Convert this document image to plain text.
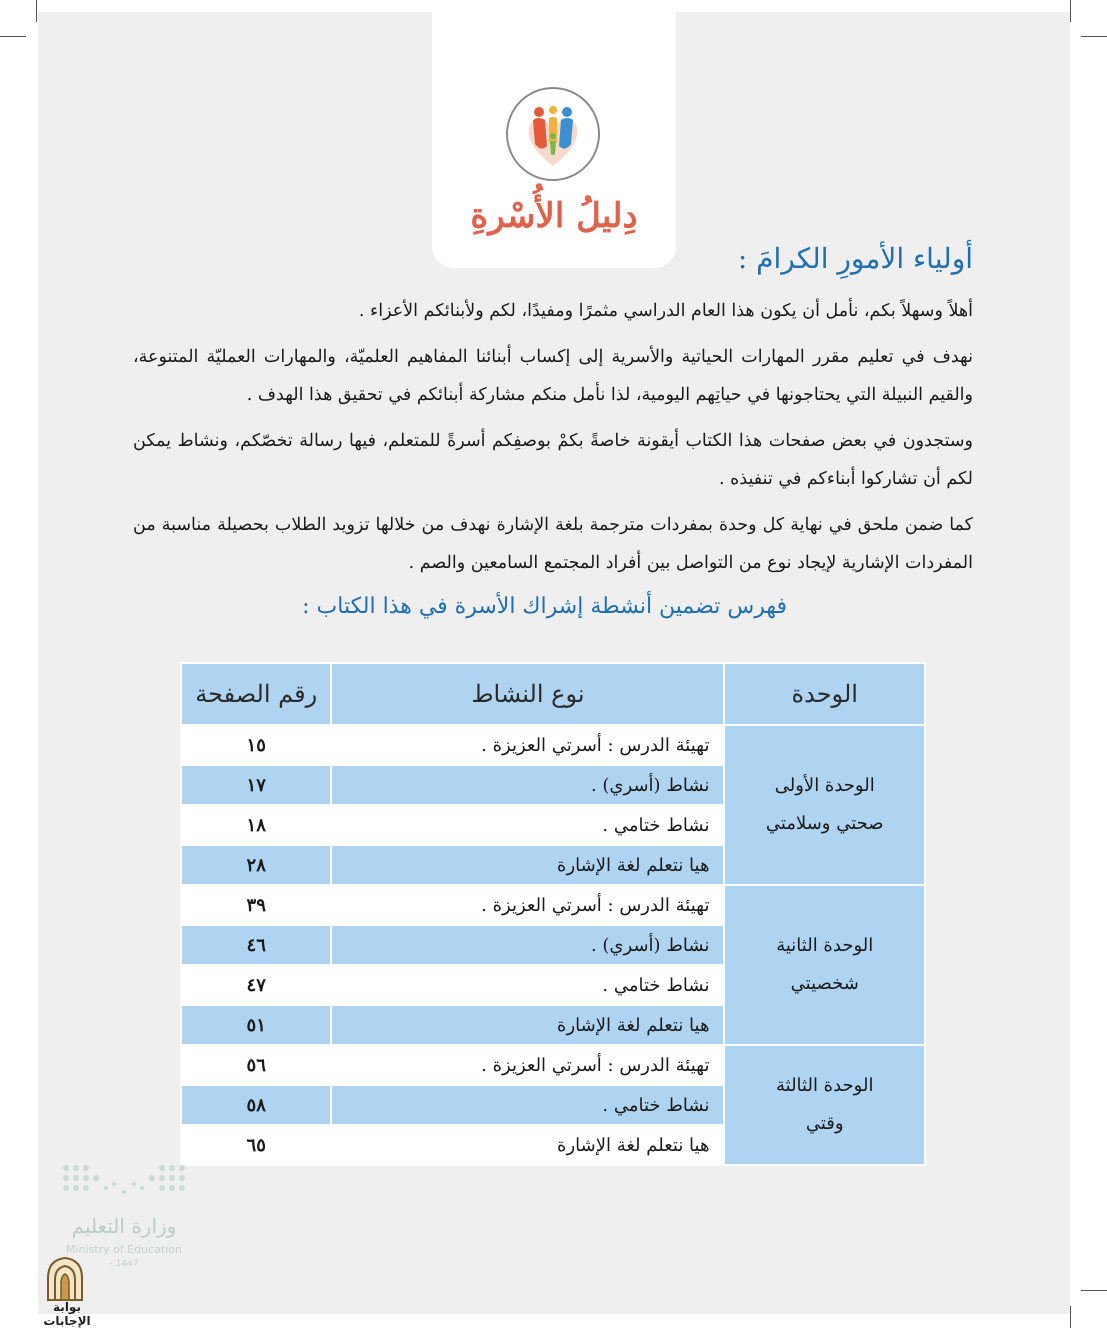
دِليلُ الأُسْرةِ
أولياء الأمورِ الكرامَ :
أهلاً وسهلاً بكم، نأمل أن يكون هذا العام الدراسي مثمرًا ومفيدًا، لكم ولأبنائكم الأعزاء .
نهدف في تعليم مقرر المهارات الحياتية والأسرية إلى إكساب أبنائنا المفاهيم العلميّة، والمهارات العمليّة المتنوعة، والقيم النبيلة التي يحتاجونها في حياتِهم اليومية، لذا نأمل منكم مشاركة أبنائكم في تحقيق هذا الهدف .
وستجدون في بعض صفحات هذا الكتاب أيقونة خاصةً بكمْ بوصفِكم أسرةً للمتعلم، فيها رسالة تخصّكم، ونشاط يمكن لكم أن تشاركوا أبناءكم في تنفيذه .
كما ضمن ملحق في نهاية كل وحدة بمفردات مترجمة بلغة الإشارة نهدف من خلالها تزويد الطلاب بحصيلة مناسبة من المفردات الإشارية لإيجاد نوع من التواصل بين أفراد المجتمع السامعين والصم .
فهرس تضمين أنشطة إشراك الأسرة في هذا الكتاب :
الوحدة	نوع النشاط	رقم الصفحة

الوحدة الأولى
صحتي وسلامتي	تهيئة الدرس : أسرتي العزيزة .	١٥
	نشاط (أسري) .	١٧
	نشاط ختامي .	١٨
	هيا نتعلم لغة الإشارة	٢٨

الوحدة الثانية
شخصيتي	تهيئة الدرس : أسرتي العزيزة .	٣٩
	نشاط (أسري) .	٤٦
	نشاط ختامي .	٤٧
	هيا نتعلم لغة الإشارة	٥١

الوحدة الثالثة
وقتي	تهيئة الدرس : أسرتي العزيزة .	٥٦
	نشاط ختامي .	٥٨
	هيا نتعلم لغة الإشارة	٦٥
وزارة التعليم
Ministry of Education
- 1447
بوابة الإجابات
